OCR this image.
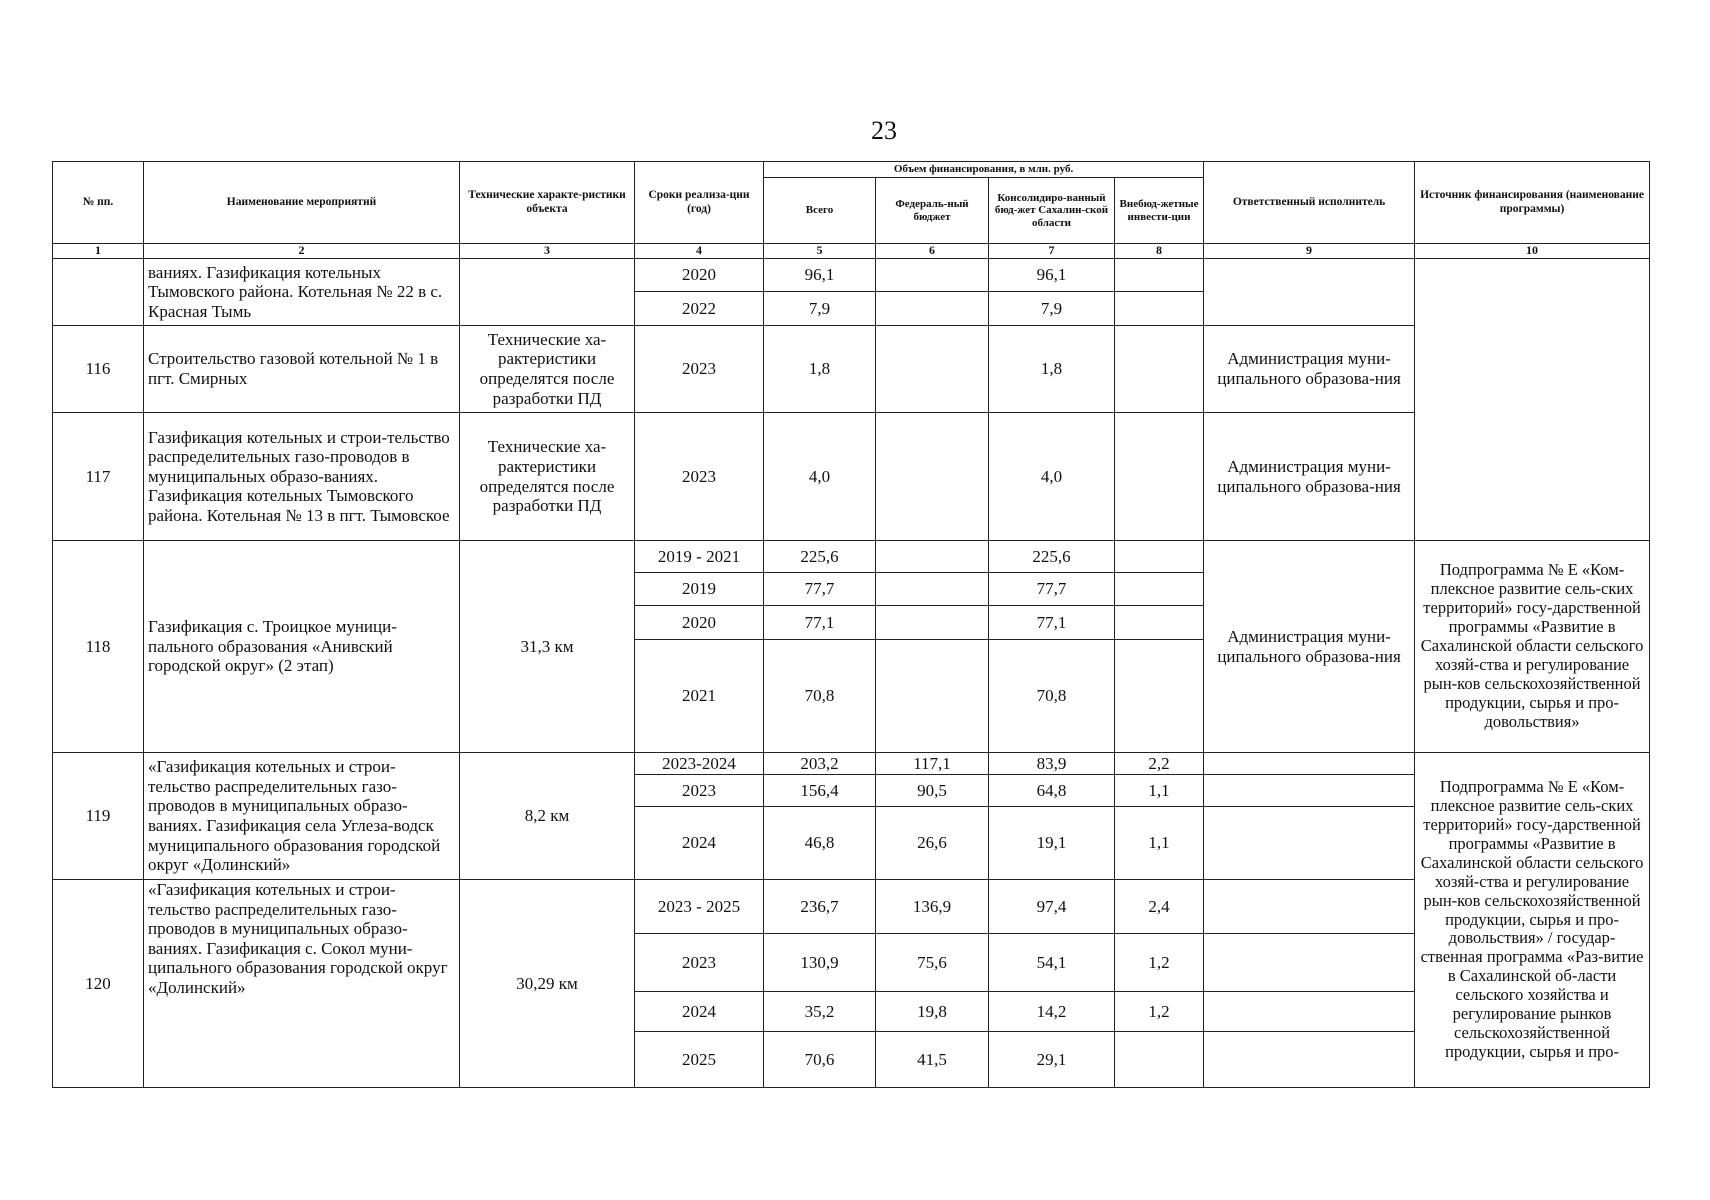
23
№ пп.	Наименование мероприятий	Технические характе-ристики объекта	Сроки реализа-ции (год)	Объем финансирования, в млн. руб.				Ответственный исполнитель	Источник финансирования (наименование программы)
				Всего	Федераль-ный бюджет	Консолидиро-ванный бюд-жет Сахалин-ской области	Внебюд-жетные инвести-ции		
1	2	3	4	5	6	7	8	9	10
	ваниях. Газификация котельных Тымовского района. Котельная № 22 в с. Красная Тымь		2020	96,1		96,1			
			2022	7,9		7,9			
116	Строительство газовой котельной № 1 в пгт. Смирных	Технические ха-рактеристики определятся после разработки ПД	2023	1,8		1,8		Администрация муни-ципального образова-ния	
117	Газификация котельных и строи-тельство распределительных газо-проводов в муниципальных образо-ваниях. Газификация котельных Тымовского района. Котельная № 13 в пгт. Тымовское	Технические ха-рактеристики определятся после разработки ПД	2023	4,0		4,0		Администрация муни-ципального образова-ния	
118	Газификация с. Троицкое муници-пального образования «Анивский городской округ» (2 этап)	31,3 км	2019 - 2021	225,6		225,6		Администрация муни-ципального образова-ния	Подпрограмма № Е «Ком-плексное развитие сель-ских территорий» госу-дарственной программы «Развитие в Сахалинской области сельского хозяй-ства и регулирование рын-ков сельскохозяйственной продукции, сырья и про-довольствия»
			2019	77,7		77,7			
			2020	77,1		77,1			
			2021	70,8		70,8			
119	«Газификация котельных и строи-тельство распределительных газо-проводов в муниципальных образо-ваниях. Газификация села Углеза-водск муниципального образования городской округ «Долинский»	8,2 км	2023-2024	203,2	117,1	83,9	2,2		Подпрограмма № Е «Ком-плексное развитие сель-ских территорий» госу-дарственной программы «Развитие в Сахалинской области сельского хозяй-ства и регулирование рын-ков сельскохозяйственной продукции, сырья и про-довольствия» / государ-ственная программа «Раз-витие в Сахалинской об-ласти сельского хозяйства и регулирование рынков сельскохозяйственной продукции, сырья и про-
			2023	156,4	90,5	64,8	1,1		
			2024	46,8	26,6	19,1	1,1		
120	«Газификация котельных и строи-тельство распределительных газо-проводов в муниципальных образо-ваниях. Газификация с. Сокол муни-ципального образования городской округ «Долинский»	30,29 км	2023 - 2025	236,7	136,9	97,4	2,4		
			2023	130,9	75,6	54,1	1,2		
			2024	35,2	19,8	14,2	1,2		
			2025	70,6	41,5	29,1			
